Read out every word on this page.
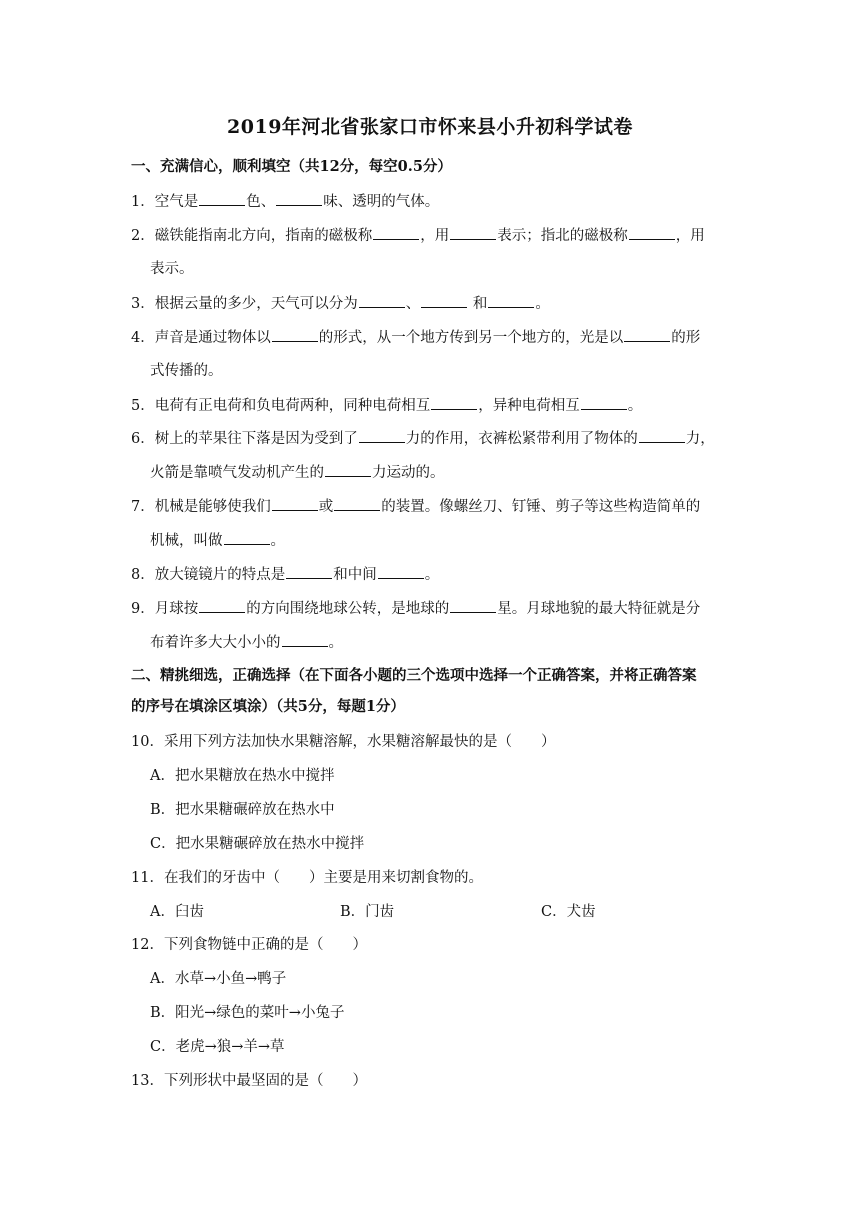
2019年河北省张家口市怀来县小升初科学试卷
一、充满信心，顺利填空（共12分，每空0.5分）
1．空气是	色、	味、透明的气体。
2．磁铁能指南北方向，指南的磁极称	，用	表示；指北的磁极称	，用
表示。
3．根据云量的多少，天气可以分为	、	和	。
4．声音是通过物体以	的形式，从一个地方传到另一个地方的，光是以	的形
式传播的。
5．电荷有正电荷和负电荷两种，同种电荷相互	，异种电荷相互	。
6．树上的苹果往下落是因为受到了	力的作用，衣裤松紧带利用了物体的	力，
火箭是靠喷气发动机产生的	力运动的。
7．机械是能够使我们	或	的装置。像螺丝刀、钉锤、剪子等这些构造简单的
机械，叫做	。
8．放大镜镜片的特点是	和中间	。
9．月球按	的方向围绕地球公转，是地球的	星。月球地貌的最大特征就是分
布着许多大大小小的	。
二、精挑细选，正确选择（在下面各小题的三个选项中选择一个正确答案，并将正确答案
的序号在填涂区填涂）（共5分，每题1分）
10．采用下列方法加快水果糖溶解，水果糖溶解最快的是（　　）
A．把水果糖放在热水中搅拌
B．把水果糖碾碎放在热水中
C．把水果糖碾碎放在热水中搅拌
11．在我们的牙齿中（　　）主要是用来切割食物的。
A．臼齿	B．门齿	C．犬齿
12．下列食物链中正确的是（　　）
A．水草→小鱼→鸭子
B．阳光→绿色的菜叶→小兔子
C．老虎→狼→羊→草
13．下列形状中最坚固的是（　　）
